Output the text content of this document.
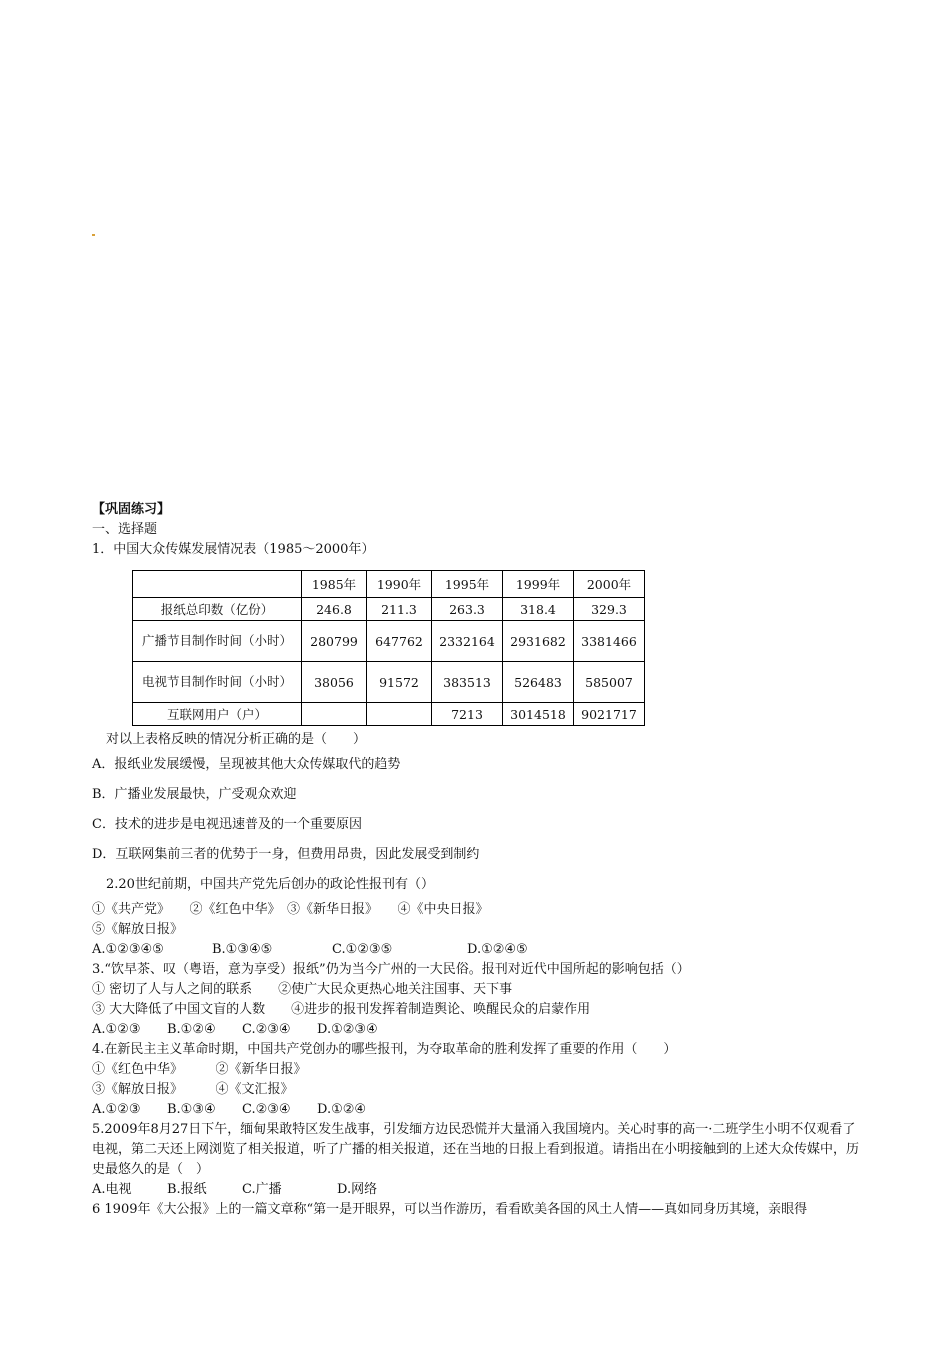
【巩固练习】
一、选择题
1．中国大众传媒发展情况表（1985～2000年）
	1985年	1990年	1995年	1999年	2000年
报纸总印数（亿份）	246.8	211.3	263.3	318.4	329.3
广播节目制作时间（小时）	280799	647762	2332164	2931682	3381466
电视节目制作时间（小时）	38056	91572	383513	526483	585007
互联网用户（户）			7213	3014518	9021717
对以上表格反映的情况分析正确的是（　　）
A．报纸业发展缓慢，呈现被其他大众传媒取代的趋势
B．广播业发展最快，广受观众欢迎
C．技术的进步是电视迅速普及的一个重要原因
D．互联网集前三者的优势于一身，但费用昂贵，因此发展受到制约
2.20世纪前期，中国共产党先后创办的政论性报刊有（）
①《共产党》　　②《红色中华》　③《新华日报》　　④《中央日报》
⑤《解放日报》
A.①②③④⑤	B.①③④⑤	C.①②③⑤	D.①②④⑤
3.“饮早茶、叹（粤语，意为享受）报纸”仍为当今广州的一大民俗。报刊对近代中国所起的影响包括（）
① 密切了人与人之间的联系　　②使广大民众更热心地关注国事、天下事
③ 大大降低了中国文盲的人数　　④进步的报刊发挥着制造舆论、唤醒民众的启蒙作用
A.①②③ B.①②④ C.②③④ D.①②③④
4.在新民主主义革命时期，中国共产党创办的哪些报刊，为夺取革命的胜利发挥了重要的作用（　　）
①《红色中华》　　　②《新华日报》
③《解放日报》　　　④《文汇报》
A.①②③ B.①③④ C.②③④ D.①②④
5.2009年8月27日下午，缅甸果敢特区发生战事，引发缅方边民恐慌并大量涌入我国境内。关心时事的高一·二班学生小明不仅观看了电视，第二天还上网浏览了相关报道，听了广播的相关报道，还在当地的日报上看到报道。请指出在小明接触到的上述大众传媒中，历史最悠久的是（　）
A.电视	B.报纸	C.广播	D.网络
6 1909年《大公报》上的一篇文章称“第一是开眼界，可以当作游历，看看欧美各国的风土人情——真如同身历其境，亲眼得
